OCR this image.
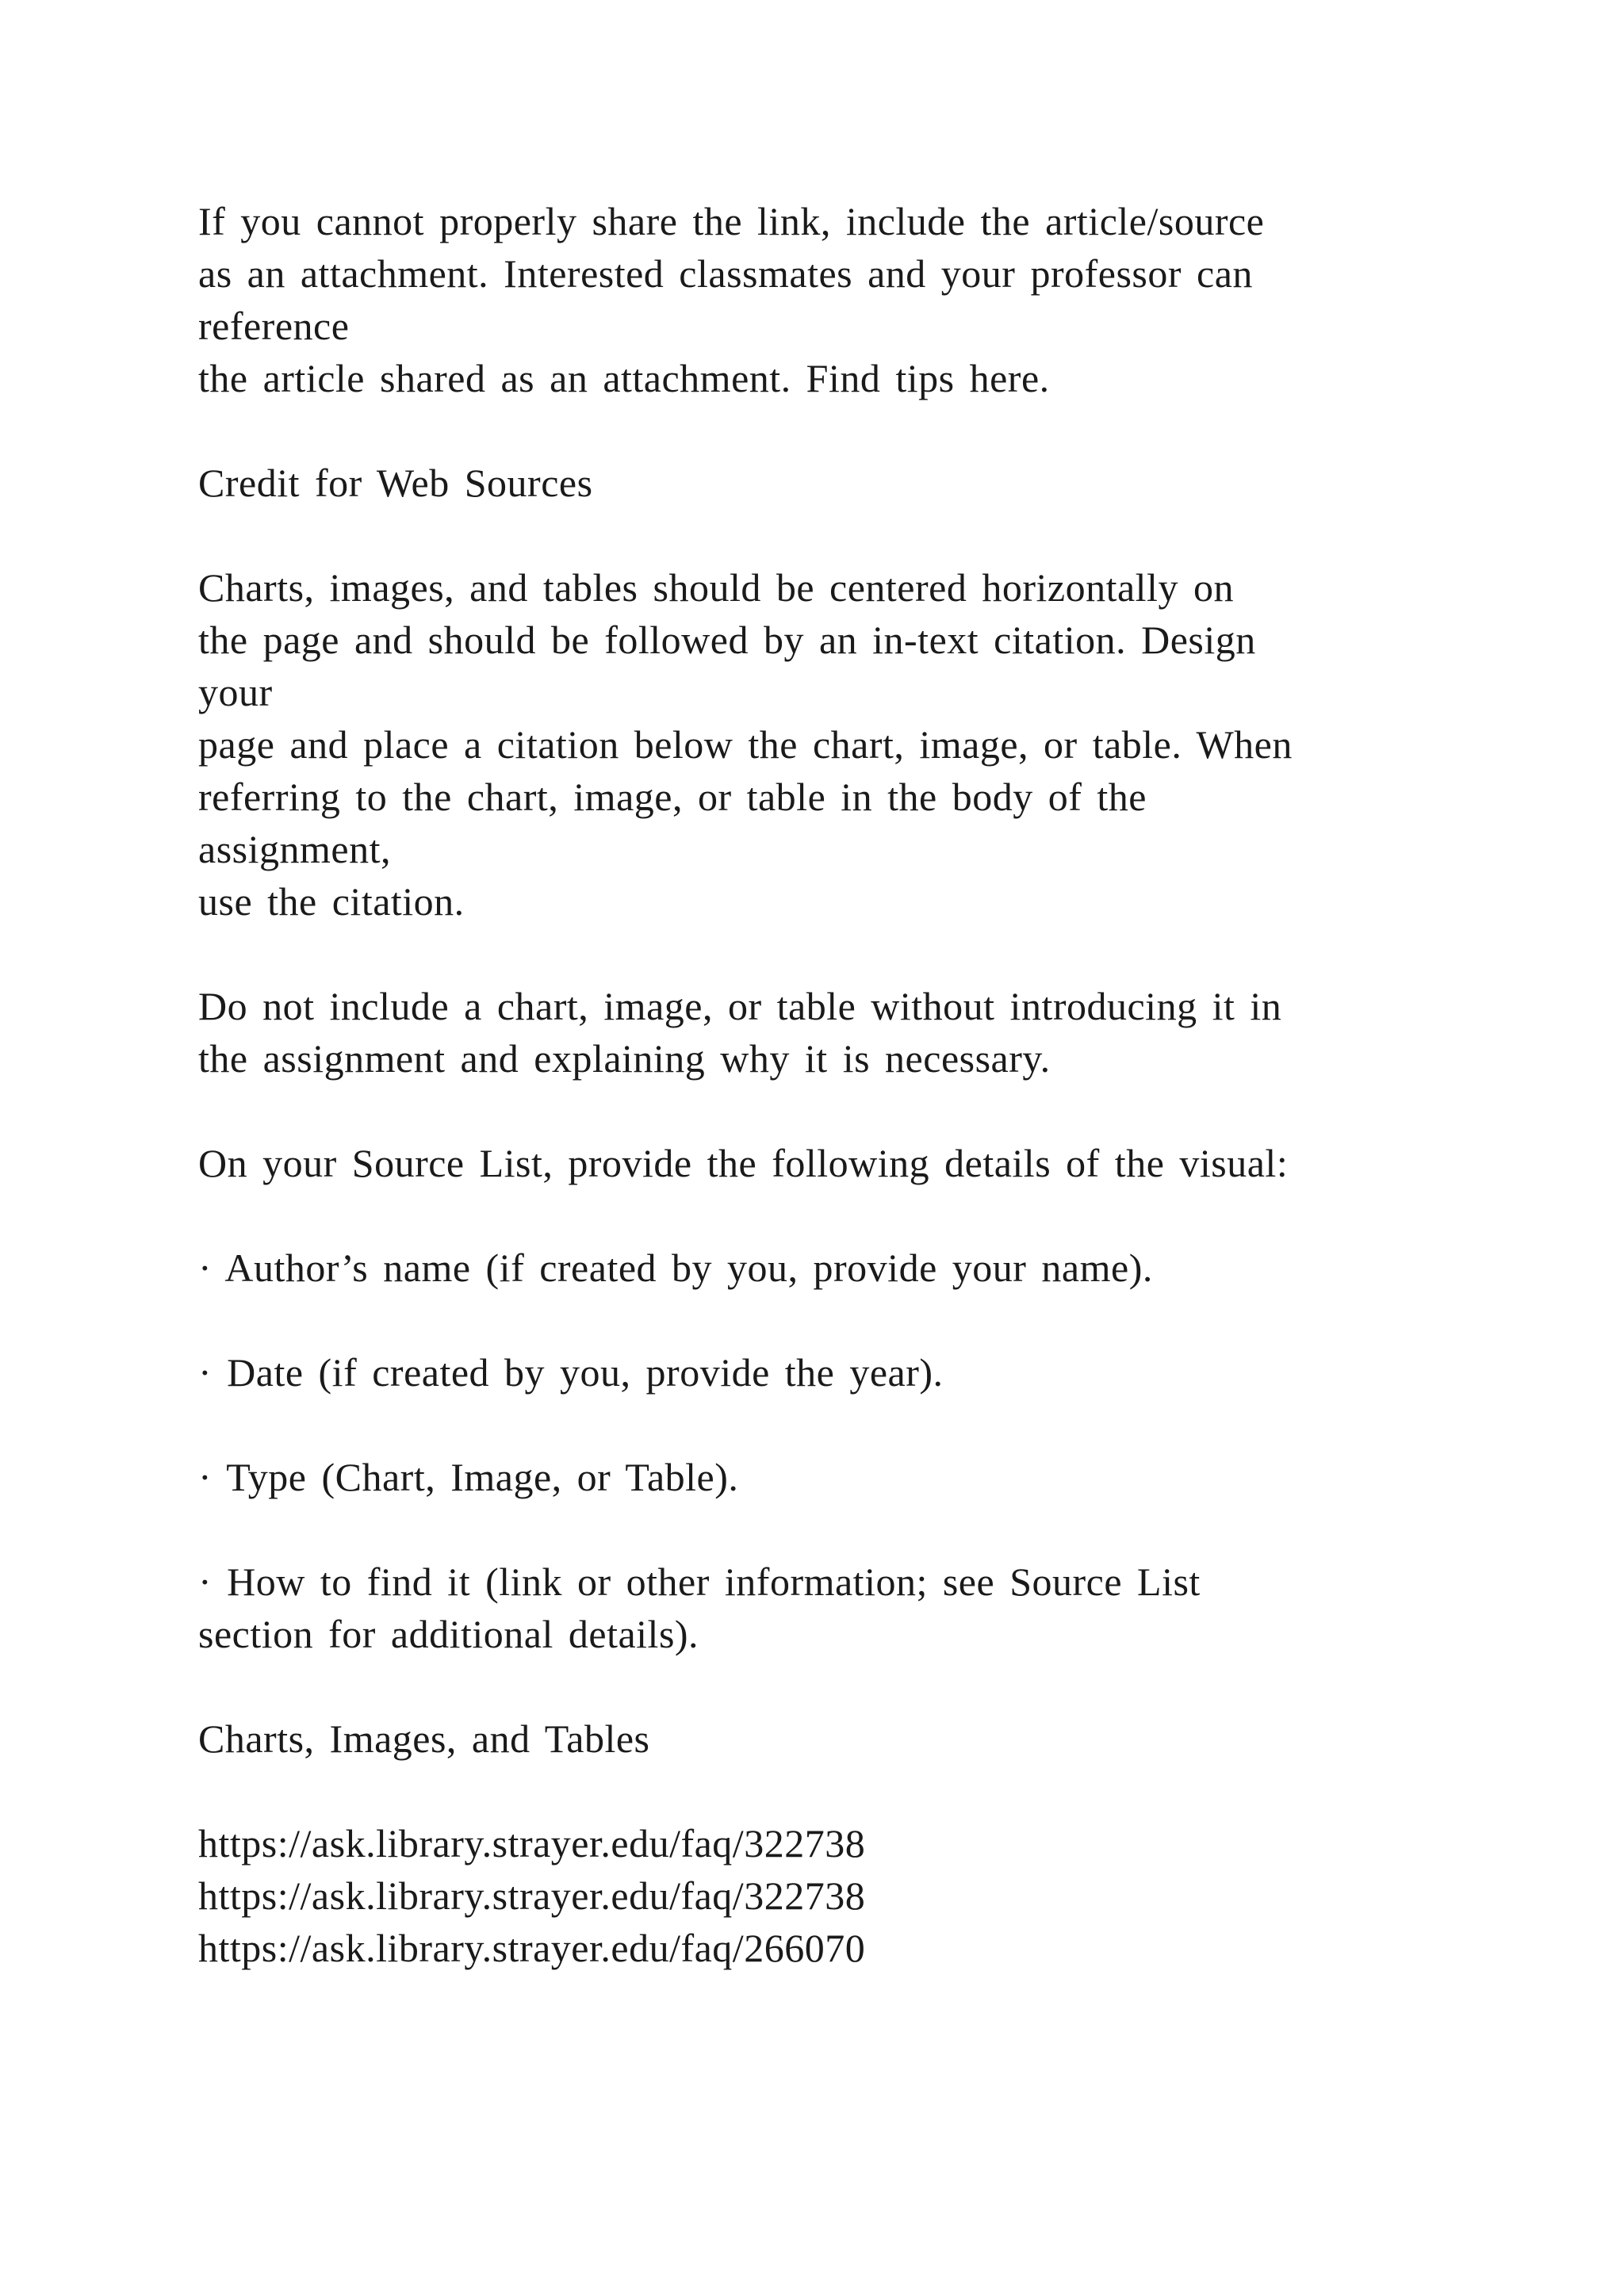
If you cannot properly share the link, include the article/source
as an attachment. Interested classmates and your professor can
reference
the article shared as an attachment. Find tips here.
Credit for Web Sources
Charts, images, and tables should be centered horizontally on
the page and should be followed by an in-text citation. Design
your
page and place a citation below the chart, image, or table. When
referring to the chart, image, or table in the body of the
assignment,
use the citation.
Do not include a chart, image, or table without introducing it in
the assignment and explaining why it is necessary.
On your Source List, provide the following details of the visual:
· Author’s name (if created by you, provide your name).
· Date (if created by you, provide the year).
· Type (Chart, Image, or Table).
· How to find it (link or other information; see Source List
section for additional details).
Charts, Images, and Tables
https://ask.library.strayer.edu/faq/322738
https://ask.library.strayer.edu/faq/322738
https://ask.library.strayer.edu/faq/266070
